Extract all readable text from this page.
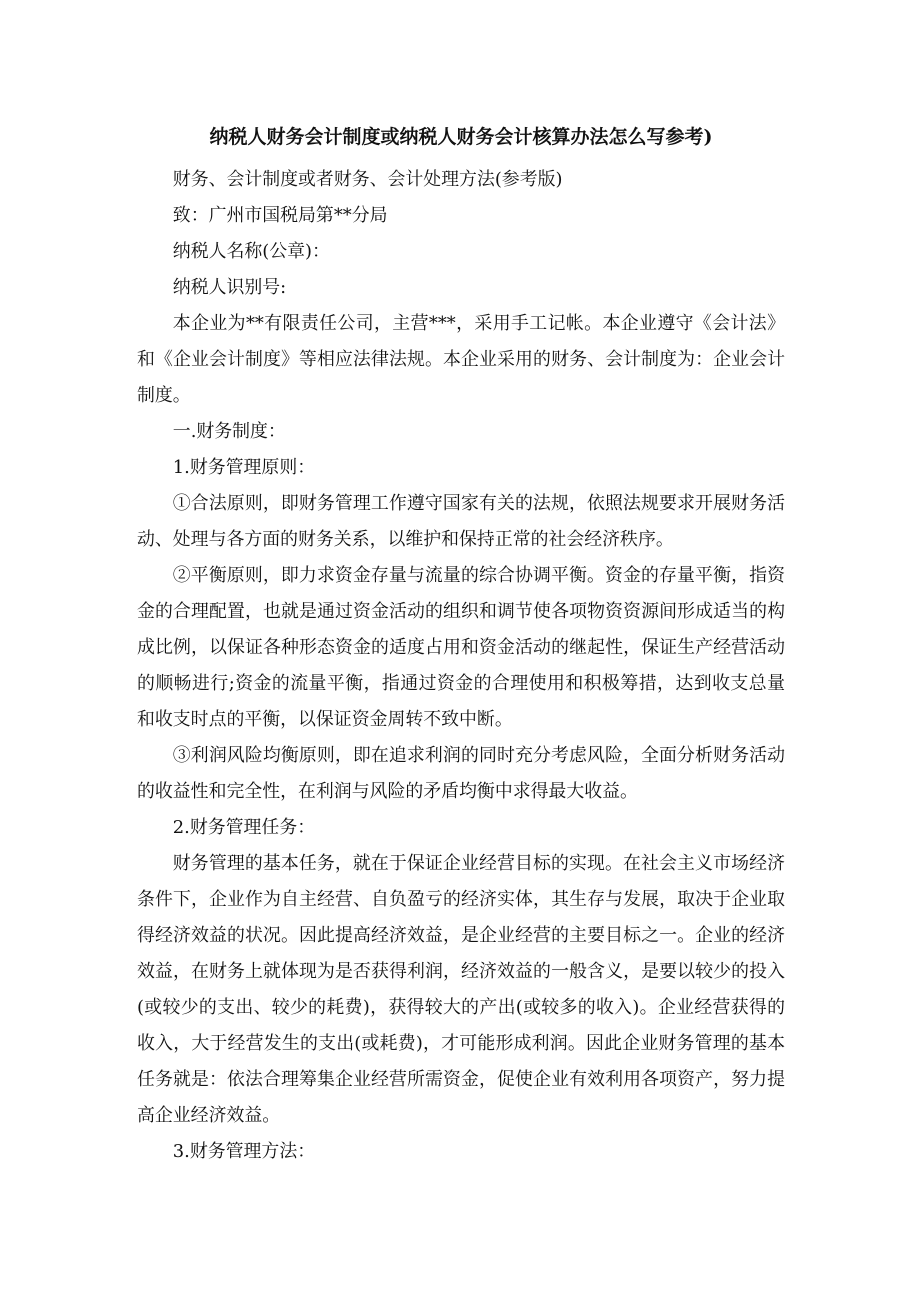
纳税人财务会计制度或纳税人财务会计核算办法怎么写参考)

财务、会计制度或者财务、会计处理方法(参考版)

致：广州市国税局第**分局

纳税人名称(公章)：

纳税人识别号:

本企业为**有限责任公司，主营***，采用手工记帐。本企业遵守《会计法》和《企业会计制度》等相应法律法规。本企业采用的财务、会计制度为：企业会计制度。

一.财务制度：

1.财务管理原则：

①合法原则，即财务管理工作遵守国家有关的法规，依照法规要求开展财务活动、处理与各方面的财务关系，以维护和保持正常的社会经济秩序。

②平衡原则，即力求资金存量与流量的综合协调平衡。资金的存量平衡，指资金的合理配置，也就是通过资金活动的组织和调节使各项物资资源间形成适当的构成比例，以保证各种形态资金的适度占用和资金活动的继起性，保证生产经营活动的顺畅进行;资金的流量平衡，指通过资金的合理使用和积极筹措，达到收支总量和收支时点的平衡，以保证资金周转不致中断。

③利润风险均衡原则，即在追求利润的同时充分考虑风险，全面分析财务活动的收益性和完全性，在利润与风险的矛盾均衡中求得最大收益。

2.财务管理任务：

财务管理的基本任务，就在于保证企业经营目标的实现。在社会主义市场经济条件下，企业作为自主经营、自负盈亏的经济实体，其生存与发展，取决于企业取得经济效益的状况。因此提高经济效益，是企业经营的主要目标之一。企业的经济效益，在财务上就体现为是否获得利润，经济效益的一般含义，是要以较少的投入(或较少的支出、较少的耗费)，获得较大的产出(或较多的收入)。企业经营获得的收入，大于经营发生的支出(或耗费)，才可能形成利润。因此企业财务管理的基本任务就是：依法合理筹集企业经营所需资金，促使企业有效利用各项资产，努力提高企业经济效益。

3.财务管理方法：
